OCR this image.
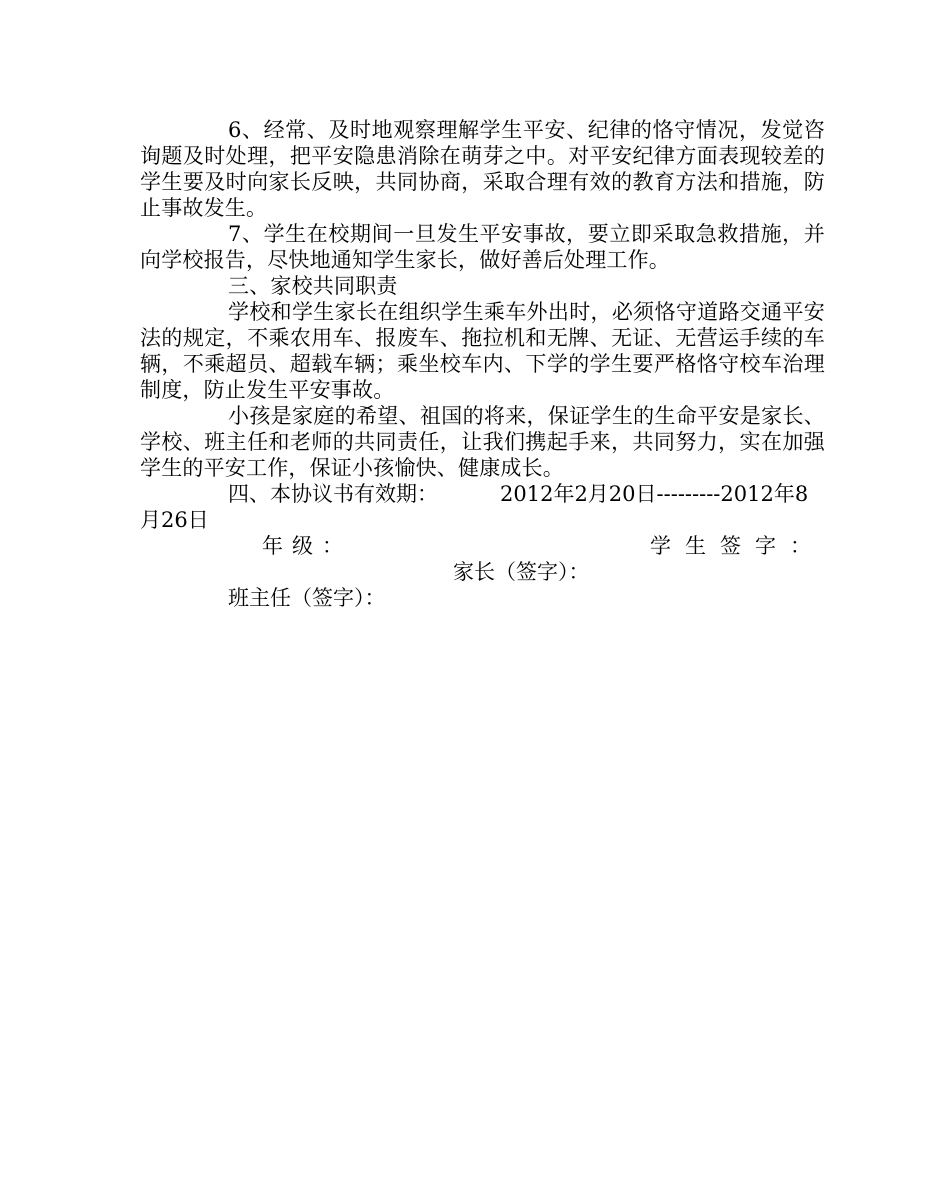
6、经常、及时地观察理解学生平安、纪律的恪守情况，发觉咨询题及时处理，把平安隐患消除在萌芽之中。对平安纪律方面表现较差的学生要及时向家长反映，共同协商，采取合理有效的教育方法和措施，防止事故发生。

7、学生在校期间一旦发生平安事故，要立即采取急救措施，并向学校报告，尽快地通知学生家长，做好善后处理工作。

三、家校共同职责

学校和学生家长在组织学生乘车外出时，必须恪守道路交通平安法的规定，不乘农用车、报废车、拖拉机和无牌、无证、无营运手续的车辆，不乘超员、超载车辆；乘坐校车内、下学的学生要严格恪守校车治理制度，防止发生平安事故。

小孩是家庭的希望、祖国的将来，保证学生的生命平安是家长、学校、班主任和老师的共同责任，让我们携起手来，共同努力，实在加强学生的平安工作，保证小孩愉快、健康成长。

四、本协议书有效期：	2012年2月20日---------2012年8月26日

年级：	学生签字：
家长（签字）：
班主任（签字）：
